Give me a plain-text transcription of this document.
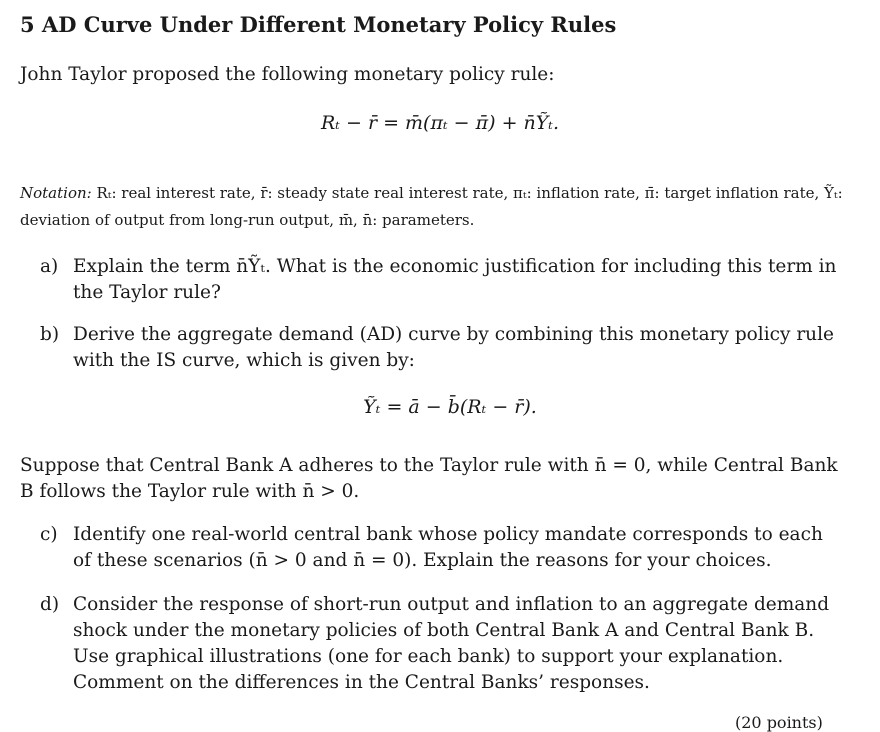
5 AD Curve Under Different Monetary Policy Rules
John Taylor proposed the following monetary policy rule:
Rₜ − r̄ = m̄(πₜ − π̄) + n̄Ỹₜ.
Notation: Rₜ: real interest rate, r̄: steady state real interest rate, πₜ: inflation rate, π̄: target inflation rate, Ỹₜ: deviation of output from long-run output, m̄, n̄: parameters.
a) Explain the term n̄Ỹₜ. What is the economic justification for including this term in the Taylor rule?
b) Derive the aggregate demand (AD) curve by combining this monetary policy rule with the IS curve, which is given by:
Ỹₜ = ā − b̄(Rₜ − r̄).
Suppose that Central Bank A adheres to the Taylor rule with n̄ = 0, while Central Bank B follows the Taylor rule with n̄ > 0.
c) Identify one real-world central bank whose policy mandate corresponds to each of these scenarios (n̄ > 0 and n̄ = 0). Explain the reasons for your choices.
d) Consider the response of short-run output and inflation to an aggregate demand shock under the monetary policies of both Central Bank A and Central Bank B. Use graphical illustrations (one for each bank) to support your explanation. Comment on the differences in the Central Banks’ responses.
(20 points)
